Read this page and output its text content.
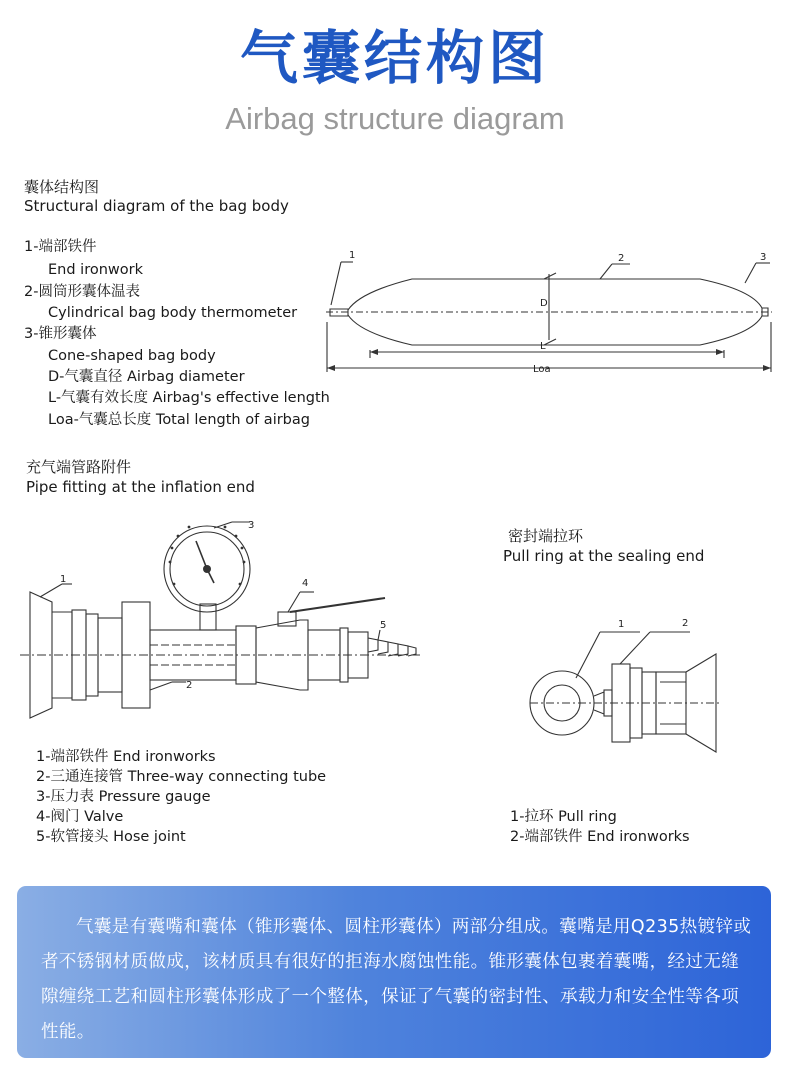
气囊结构图
Airbag structure diagram
囊体结构图
Structural diagram of the bag body
1-端部铁件
End ironwork
2-圆筒形囊体温表
Cylindrical bag body thermometer
3-锥形囊体
Cone-shaped bag body
D-气囊直径 Airbag diameter
L-气囊有效长度 Airbag's effective length
Loa-气囊总长度 Total length of airbag
充气端管路附件
Pipe fitting at the inflation end
1-端部铁件 End ironworks
2-三通连接管 Three-way connecting tube
3-压力表 Pressure gauge
4-阀门 Valve
5-软管接头 Hose joint
密封端拉环
Pull ring at the sealing end
1-拉环 Pull ring
2-端部铁件 End ironworks
1	2	3
D
L
Loa
1
2
3
4
5	1	2
气囊是有囊嘴和囊体（锥形囊体、圆柱形囊体）两部分组成。囊嘴是用Q235热镀锌或者不锈钢材质做成，该材质具有很好的拒海水腐蚀性能。锥形囊体包裹着囊嘴，经过无缝隙缠绕工艺和圆柱形囊体形成了一个整体，保证了气囊的密封性、承载力和安全性等各项性能。
